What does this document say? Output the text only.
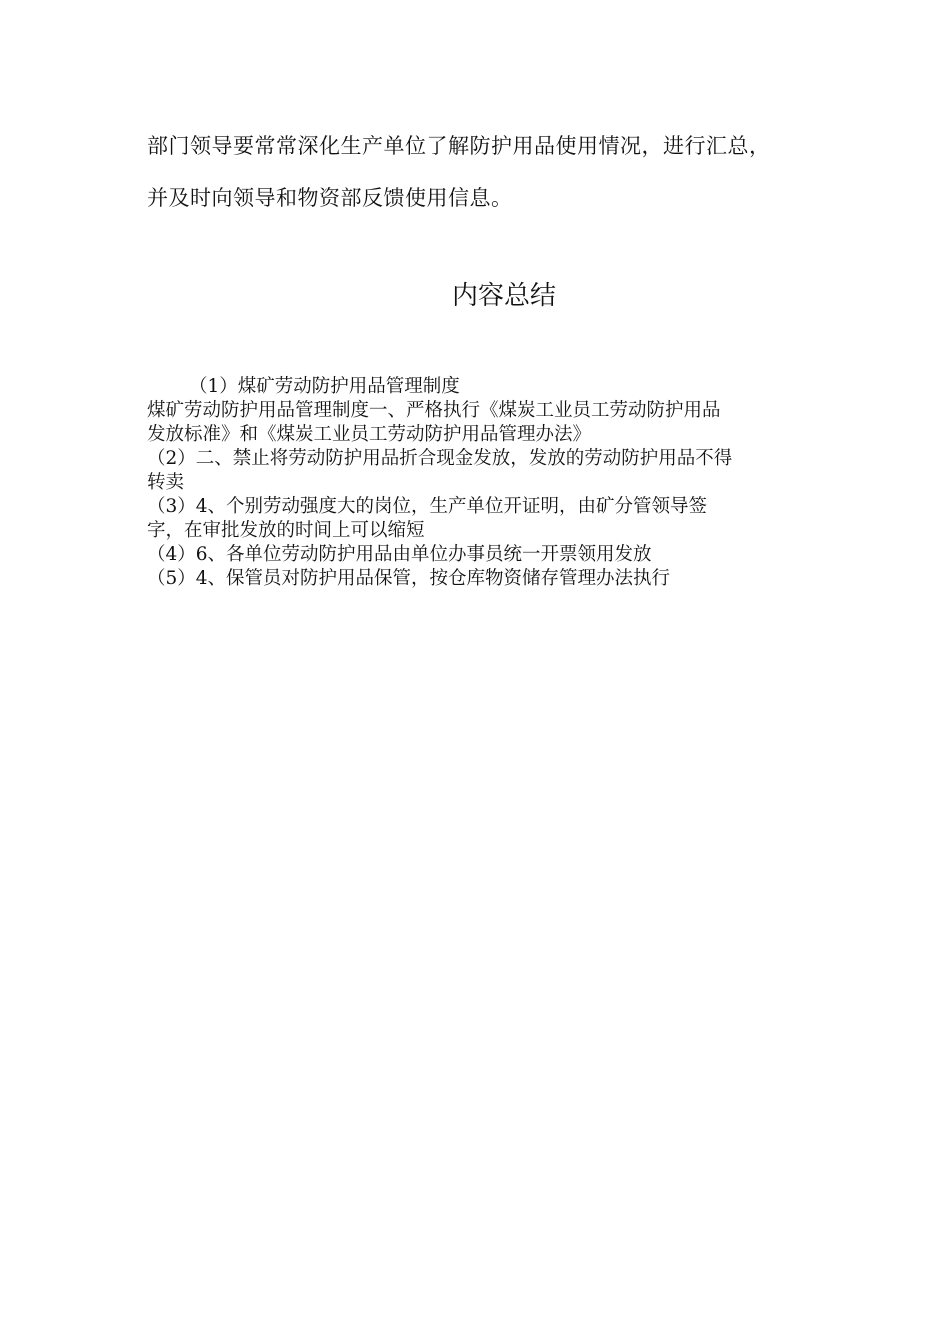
部门领导要常常深化生产单位了解防护用品使用情况，进行汇总，
并及时向领导和物资部反馈使用信息。
内容总结
（1）煤矿劳动防护用品管理制度
煤矿劳动防护用品管理制度一、严格执行《煤炭工业员工劳动防护用品
发放标准》和《煤炭工业员工劳动防护用品管理办法》
（2）二、禁止将劳动防护用品折合现金发放，发放的劳动防护用品不得
转卖
（3）4、个别劳动强度大的岗位，生产单位开证明，由矿分管领导签
字，在审批发放的时间上可以缩短
（4）6、各单位劳动防护用品由单位办事员统一开票领用发放
（5）4、保管员对防护用品保管，按仓库物资储存管理办法执行
